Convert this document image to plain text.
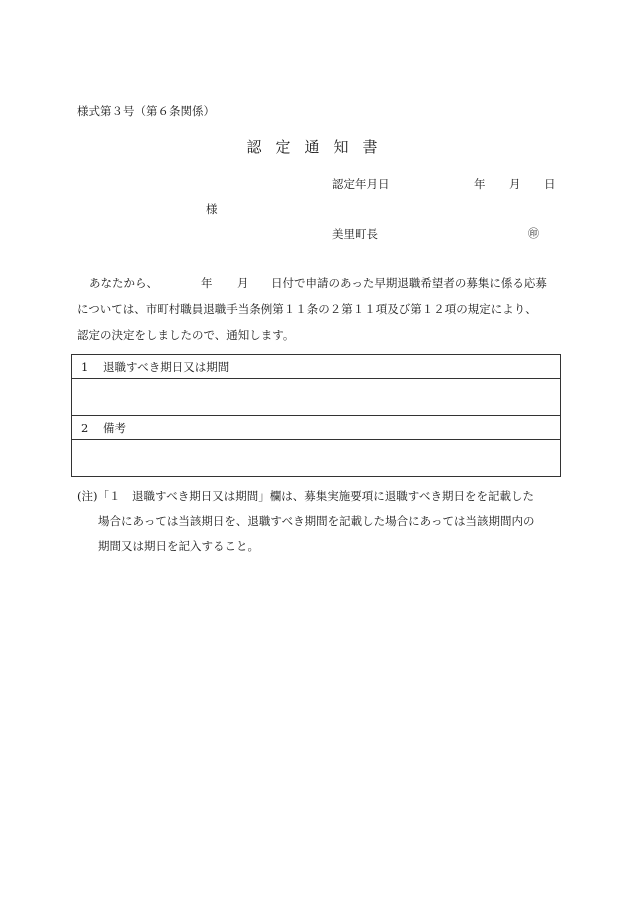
様式第３号（第６条関係）
認定通知書
認定年月日	年 月 日
様
美里町長	㊞
あなたから、	年 月 日付で申請のあった早期退職希望者の募集に係る応募
については、市町村職員退職手当条例第１１条の２第１１項及び第１２項の規定により、
認定の決定をしましたので、通知します。
1 退職すべき期日又は期間

2 備考

(注)「１　退職すべき期日又は期間」欄は、募集実施要項に退職すべき期日をを記載した
場合にあっては当該期日を、退職すべき期間を記載した場合にあっては当該期間内の
期間又は期日を記入すること。
